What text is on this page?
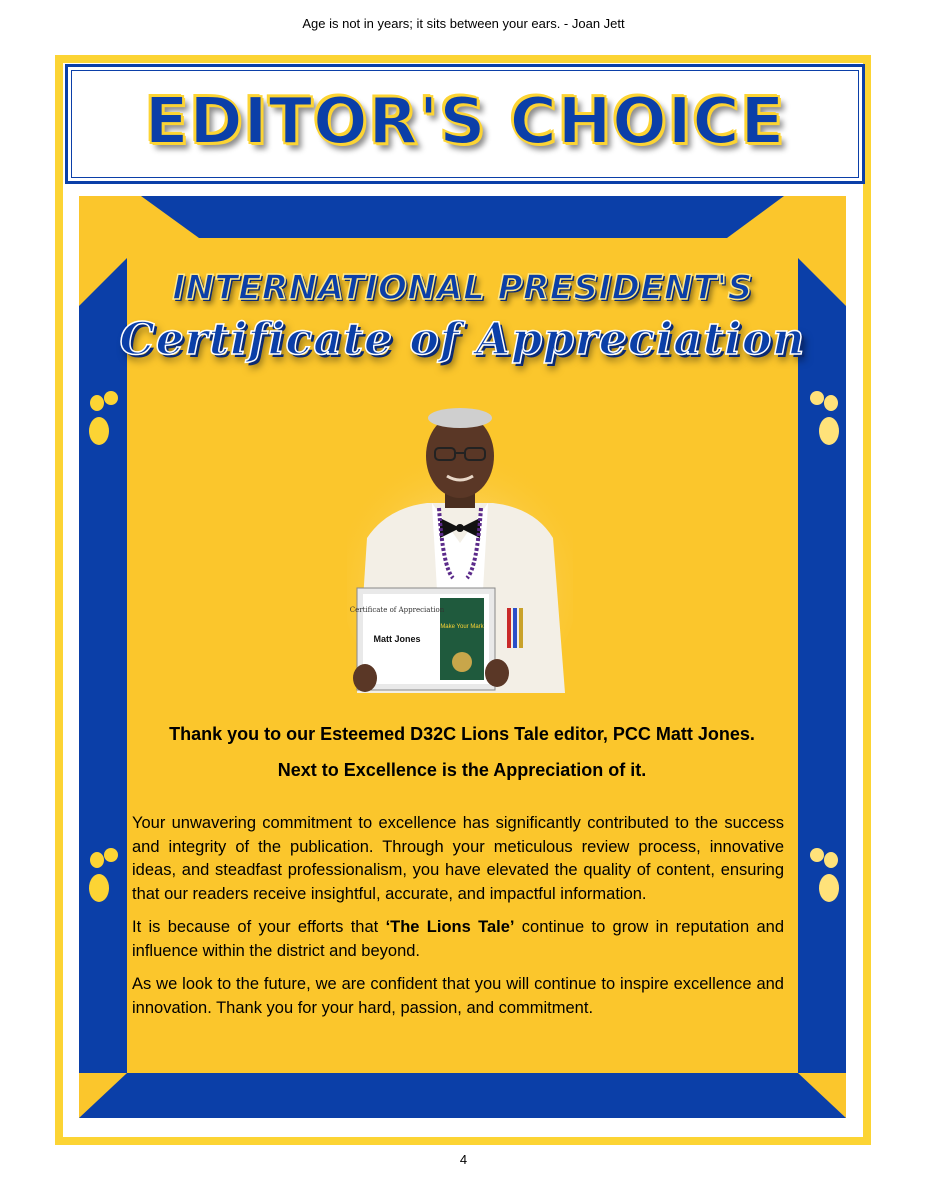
Age is not in years; it sits between your ears. - Joan Jett
EDITOR'S CHOICE
INTERNATIONAL PRESIDENT'S
Certificate of Appreciation
Certificate of Appreciation
Matt Jones
Make Your Mark
Thank you to our Esteemed D32C Lions Tale editor, PCC Matt Jones.
Next to Excellence is the Appreciation of it.

Your unwavering commitment to excellence has significantly contributed to the success and integrity of the publication. Through your meticulous review process, innovative ideas, and steadfast professionalism, you have elevated the quality of content, ensuring that our readers receive insightful, accurate, and impactful information.

It is because of your efforts that ‘The Lions Tale’ continue to grow in reputation and influence within the district and beyond.

As we look to the future, we are confident that you will continue to inspire excellence and innovation. Thank you for your hard, passion, and commitment.

4
